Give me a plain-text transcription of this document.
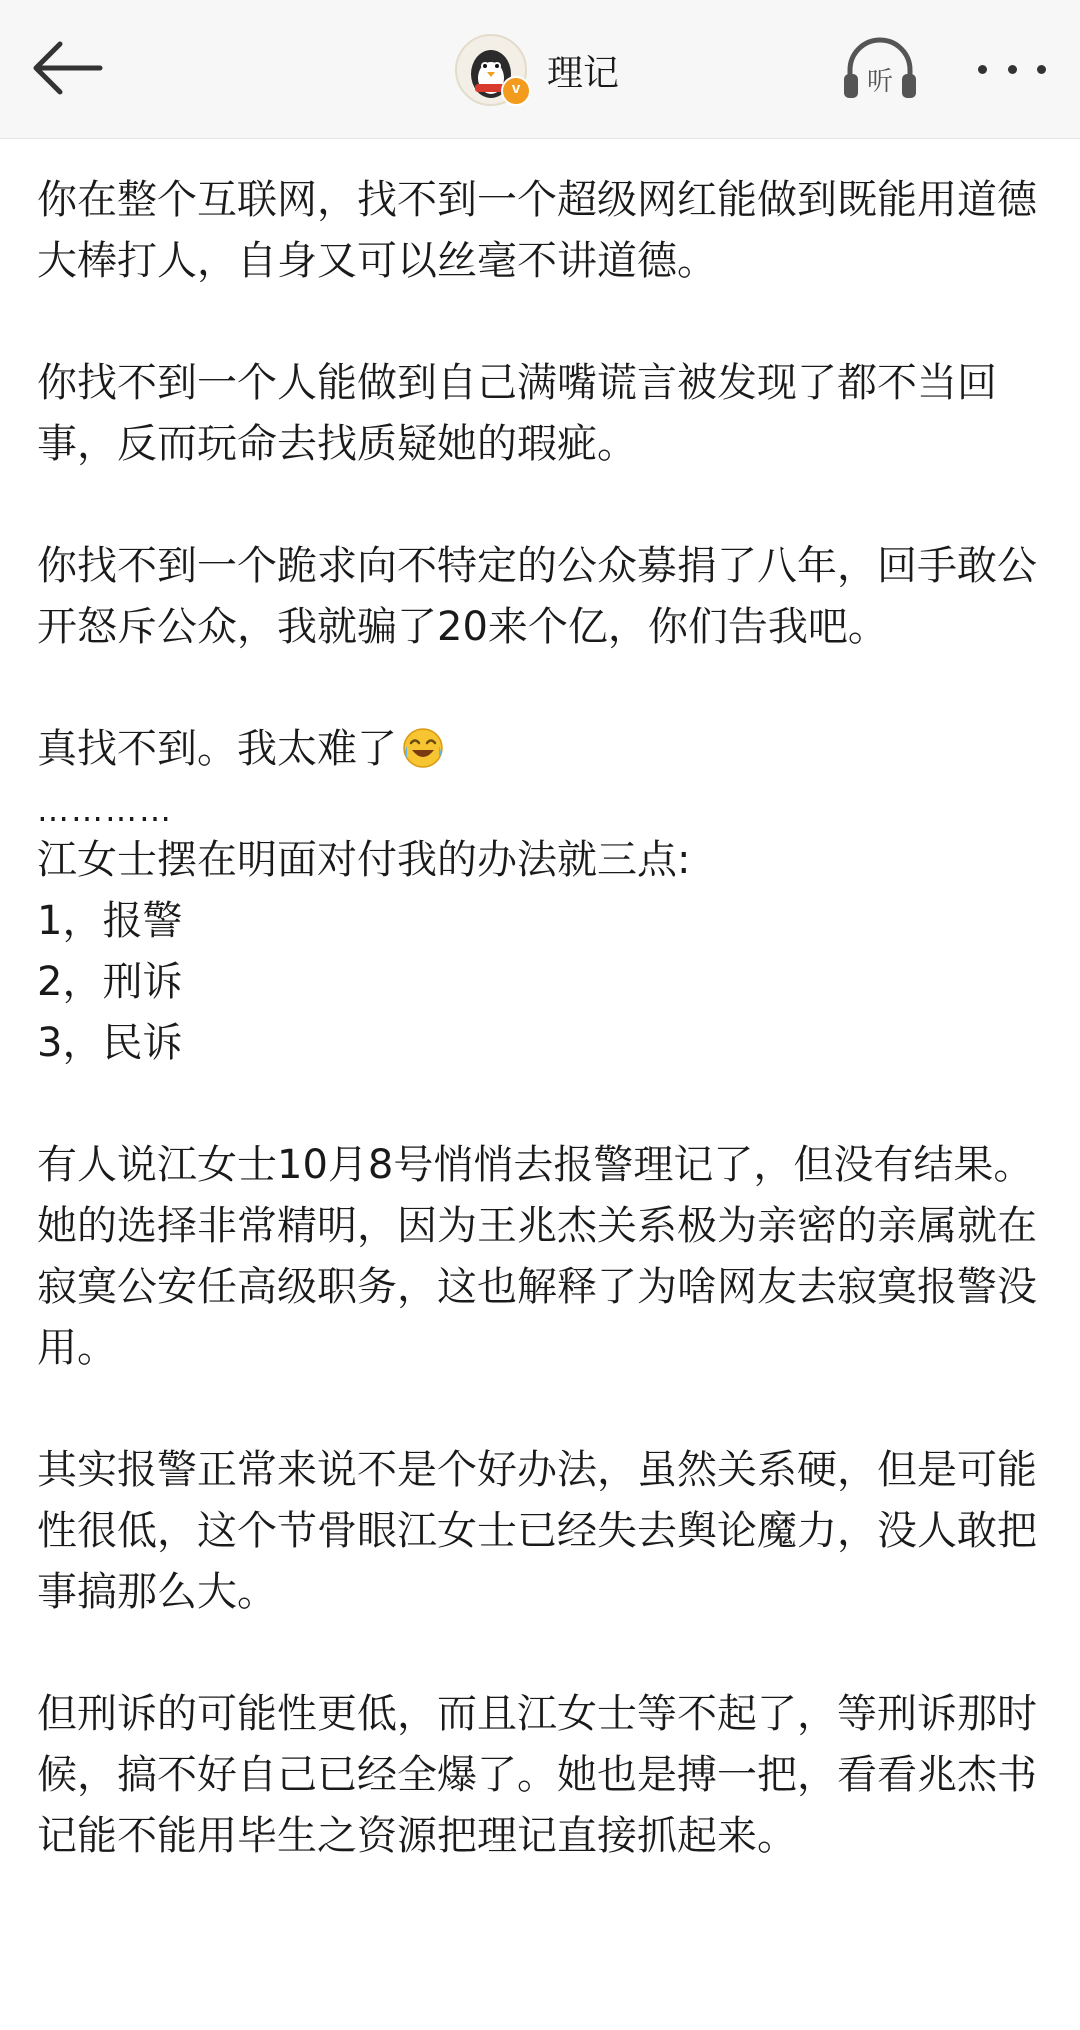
v 理记	听

你在整个互联网，找不到一个超级网红能做到既能用道德大棒打人，自身又可以丝毫不讲道德。

你找不到一个人能做到自己满嘴谎言被发现了都不当回事，反而玩命去找质疑她的瑕疵。

你找不到一个跪求向不特定的公众募捐了八年，回手敢公开怒斥公众，我就骗了20来个亿，你们告我吧。

真找不到。我太难了

…………

江女士摆在明面对付我的办法就三点:

1，报警

2，刑诉

3，民诉

有人说江女士10月8号悄悄去报警理记了，但没有结果。她的选择非常精明，因为王兆杰关系极为亲密的亲属就在寂寞公安任高级职务，这也解释了为啥网友去寂寞报警没用。

其实报警正常来说不是个好办法，虽然关系硬，但是可能性很低，这个节骨眼江女士已经失去舆论魔力，没人敢把事搞那么大。

但刑诉的可能性更低，而且江女士等不起了，等刑诉那时候，搞不好自己已经全爆了。她也是搏一把，看看兆杰书记能不能用毕生之资源把理记直接抓起来。
